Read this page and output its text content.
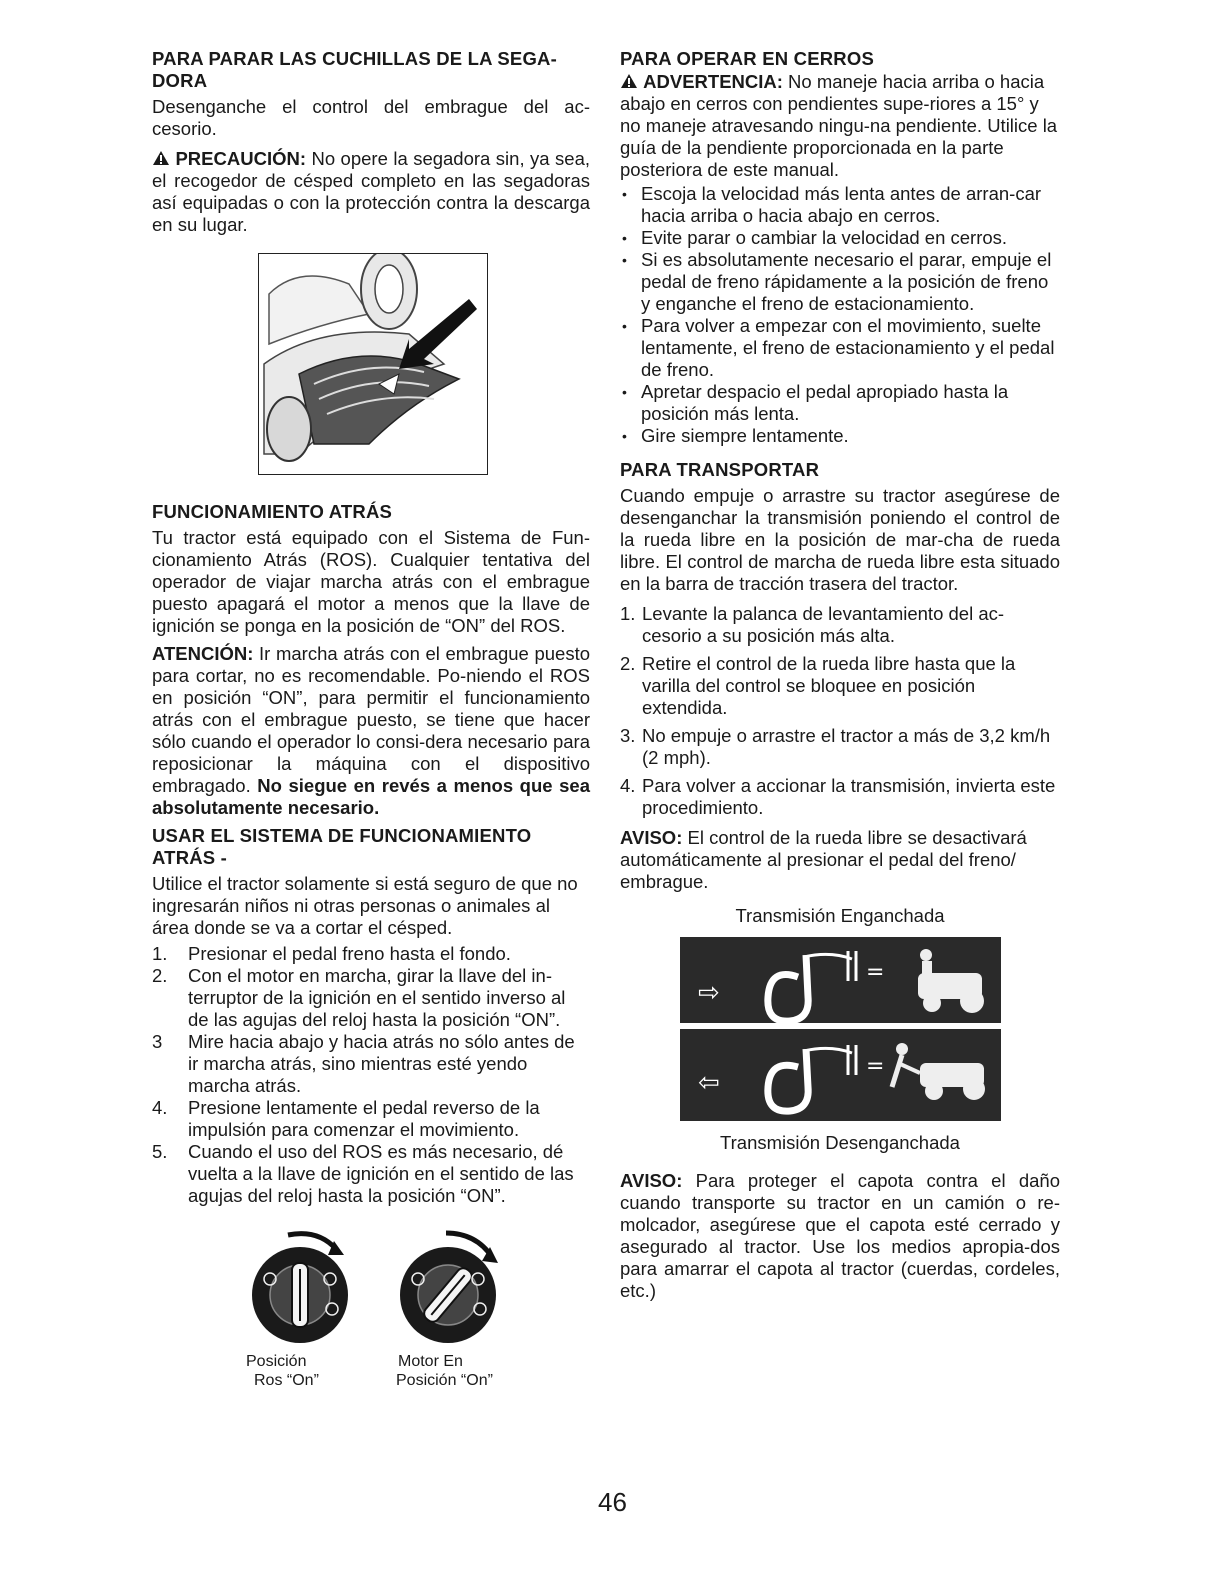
PARA PARAR LAS CUCHILLAS DE LA SEGA-DORA

Desenganche el control del embrague del ac-cesorio.

PRECAUCIÓN: No opere la segadora sin, ya sea, el recogedor de césped completo en las segadoras así equipadas o con la protección contra la descarga en su lugar.

FUNCIONAMIENTO ATRÁS

Tu tractor está equipado con el Sistema de Fun-cionamiento Atrás (ROS). Cualquier tentativa del operador de viajar marcha atrás con el embrague puesto apagará el motor a menos que la llave de ignición se ponga en la posición de “ON” del ROS.

ATENCIÓN: Ir marcha atrás con el embrague puesto para cortar, no es recomendable. Po-niendo el ROS en posición “ON”, para permitir el funcionamiento atrás con el embrague puesto, se tiene que hacer sólo cuando el operador lo consi-dera necesario para reposicionar la máquina con el dispositivo embragado. No siegue en revés a menos que sea absolutamente necesario.

USAR EL SISTEMA DE FUNCIONAMIENTO ATRÁS -

Utilice el tractor solamente si está seguro de que no ingresarán niños ni otras personas o animales al área donde se va a cortar el césped.

1.	Presionar el pedal freno hasta el fondo.
2.	Con el motor en marcha, girar la llave del in-terruptor de la ignición en el sentido inverso al de las agujas del reloj hasta la posición “ON”.
3	Mire hacia abajo y hacia atrás no sólo antes de ir marcha atrás, sino mientras esté yendo marcha atrás.
4.	Presione lentamente el pedal reverso de la impulsión para comenzar el movimiento.
5.	Cuando el uso del ROS es más necesario, dé vuelta a la llave de ignición en el sentido de las agujas del reloj hasta la posición “ON”.
Posición
Ros “On”
Motor En
Posición “On”

PARA OPERAR EN CERROS

ADVERTENCIA: No maneje hacia arriba o hacia abajo en cerros con pendientes supe-riores a 15° y no maneje atravesando ningu-na pendiente. Utilice la guía de la pendiente proporcionada en la parte posteriora de este manual.

• Escoja la velocidad más lenta antes de arran-car hacia arriba o hacia abajo en cerros.
• Evite parar o cambiar la velocidad en cerros.
• Si es absolutamente necesario el parar, empuje el pedal de freno rápidamente a la posición de freno y enganche el freno de estacionamiento.
• Para volver a empezar con el movimiento, suelte lentamente, el freno de estacionamiento y el pedal de freno.
• Apretar despacio el pedal apropiado hasta la posición más lenta.
• Gire siempre lentamente.

PARA TRANSPORTAR

Cuando empuje o arrastre su tractor asegúrese de desenganchar la transmisión poniendo el control de la rueda libre en la posición de mar-cha de rueda libre. El control de marcha de rueda libre esta situado en la barra de tracción trasera del tractor.

1. Levante la palanca de levantamiento del ac-cesorio a su posición más alta.
2. Retire el control de la rueda libre hasta que la varilla del control se bloquee en posición extendida.
3. No empuje o arrastre el tractor a más de 3,2 km/h (2 mph).
4. Para volver a accionar la transmisión, invierta este procedimiento.

AVISO: El control de la rueda libre se desactivará automáticamente al presionar el pedal del freno/ embrague.

Transmisión Enganchada

⇨
=
⇦
=

Transmisión Desenganchada

AVISO: Para proteger el capota contra el daño cuando transporte su tractor en un camión o re-molcador, asegúrese que el capota esté cerrado y asegurado al tractor. Use los medios apropia-dos para amarrar el capota al tractor (cuerdas, cordeles, etc.)

46
